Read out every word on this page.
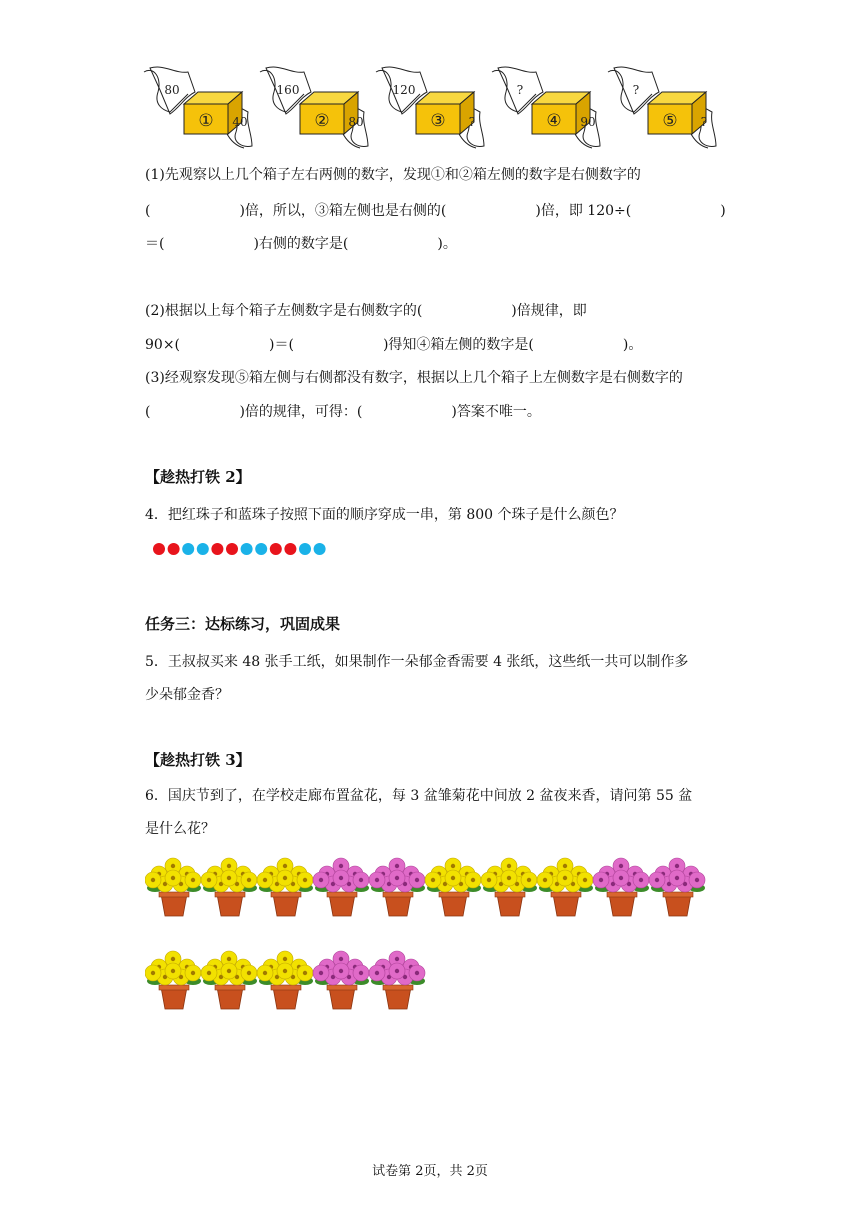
①
80
40	②
160
80	③
120
?	④
?
90	⑤
?
?
(1)先观察以上几个箱子左右两侧的数字，发现①和②箱左侧的数字是右侧数字的
(                    )倍，所以，③箱左侧也是右侧的(                    )倍，即 120÷(                    )
＝(                    )右侧的数字是(                    )。
(2)根据以上每个箱子左侧数字是右侧数字的(                    )倍规律，即
90×(                    )＝(                    )得知④箱左侧的数字是(                    )。
(3)经观察发现⑤箱左侧与右侧都没有数字，根据以上几个箱子上左侧数字是右侧数字的
(                    )倍的规律，可得：(                    )答案不唯一。
【趁热打铁 2】
4．把红珠子和蓝珠子按照下面的顺序穿成一串，第 800 个珠子是什么颜色？
任务三：达标练习，巩固成果
5．王叔叔买来 48 张手工纸，如果制作一朵郁金香需要 4 张纸，这些纸一共可以制作多
少朵郁金香？
【趁热打铁 3】
6．国庆节到了，在学校走廊布置盆花，每 3 盆雏菊花中间放 2 盆夜来香，请问第 55 盆
是什么花？
试卷第 2页，共 2页
